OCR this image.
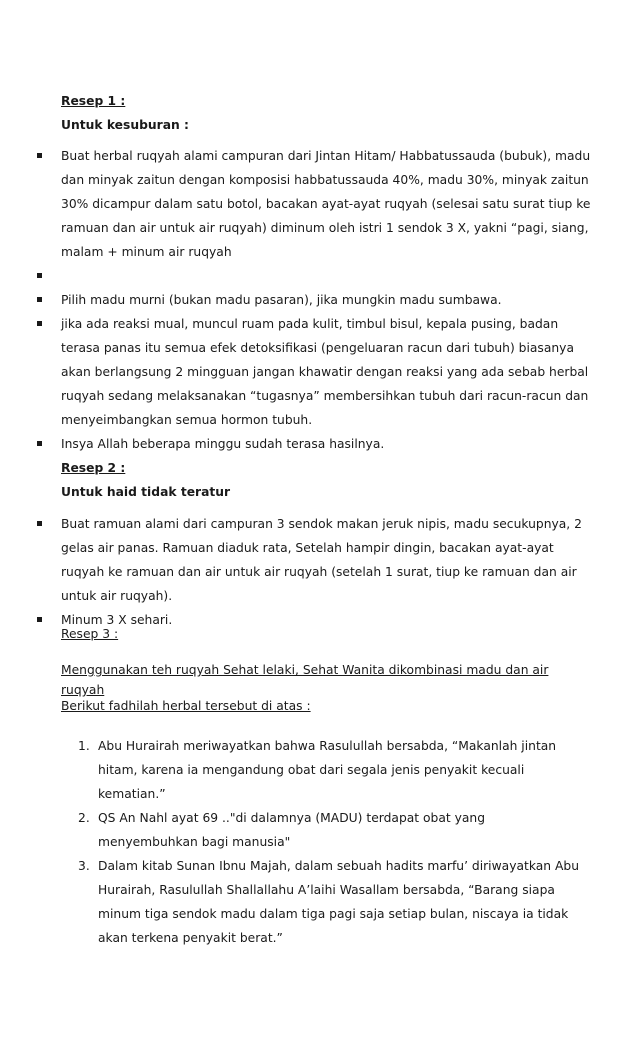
Resep 1 :
Untuk kesuburan :
Buat herbal ruqyah alami campuran dari Jintan Hitam/ Habbatussauda (bubuk), madu dan minyak zaitun dengan komposisi habbatussauda 40%, madu 30%, minyak zaitun 30% dicampur dalam satu botol, bacakan ayat-ayat ruqyah (selesai satu surat tiup ke ramuan dan air untuk air ruqyah) diminum oleh istri 1 sendok 3 X, yakni “pagi, siang, malam + minum air ruqyah
Pilih madu murni (bukan madu pasaran), jika mungkin madu sumbawa.
jika ada reaksi mual, muncul ruam pada kulit, timbul bisul, kepala pusing, badan terasa panas itu semua efek detoksifikasi (pengeluaran racun dari tubuh) biasanya akan berlangsung 2 mingguan jangan khawatir dengan reaksi yang ada sebab herbal ruqyah sedang melaksanakan “tugasnya” membersihkan tubuh dari racun-racun dan menyeimbangkan semua hormon tubuh.
Insya Allah beberapa minggu sudah terasa hasilnya.
Resep 2 :
Untuk haid tidak teratur
Buat ramuan alami dari campuran 3 sendok makan jeruk nipis, madu secukupnya, 2 gelas air panas. Ramuan diaduk rata, Setelah hampir dingin, bacakan ayat-ayat ruqyah ke ramuan dan air untuk air ruqyah (setelah 1 surat, tiup ke ramuan dan air untuk air ruqyah).
Minum 3 X sehari.
Resep 3 :
Menggunakan teh ruqyah Sehat lelaki, Sehat Wanita dikombinasi madu dan air ruqyah
Berikut fadhilah herbal tersebut di atas :
1. Abu Hurairah meriwayatkan bahwa Rasulullah bersabda, “Makanlah jintan hitam, karena ia mengandung obat dari segala jenis penyakit kecuali kematian.”
2. QS An Nahl ayat 69 .."di dalamnya (MADU) terdapat obat yang menyembuhkan bagi manusia"
3. Dalam kitab Sunan Ibnu Majah, dalam sebuah hadits marfu’ diriwayatkan Abu Hurairah, Rasulullah Shallallahu A’laihi Wasallam bersabda, “Barang siapa minum tiga sendok madu dalam tiga pagi saja setiap bulan, niscaya ia tidak akan terkena penyakit berat.”
